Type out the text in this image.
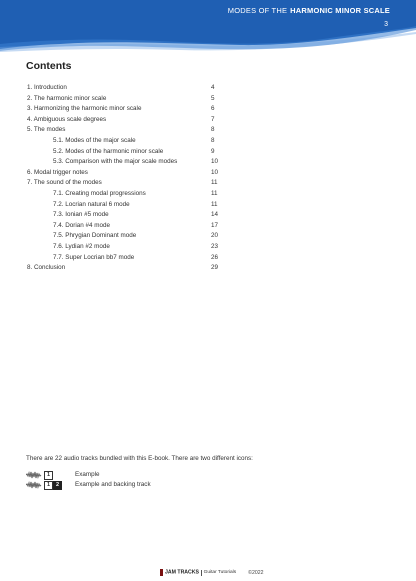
MODES OF THE HARMONIC MINOR SCALE
3
Contents
1. Introduction	4
2. The harmonic minor scale	5
3. Harmonizing the harmonic minor scale	6
4. Ambiguous scale degrees	7
5. The modes	8
5.1. Modes of the major scale	8
5.2. Modes of the harmonic minor scale	9
5.3. Comparison with the major scale modes	10
6. Modal trigger notes	10
7. The sound of the modes	11
7.1. Creating modal progressions	11
7.2. Locrian natural 6 mode	11
7.3. Ionian #5 mode	14
7.4. Dorian #4 mode	17
7.5. Phrygian Dominant mode	20
7.6. Lydian #2 mode	23
7.7. Super Locrian bb7 mode	26
8. Conclusion	29
There are 22 audio tracks bundled with this E-book. There are two different icons:
1	Example
1	2	Example and backing track
JAM TRACKS Guitar Tutorials ©2022
